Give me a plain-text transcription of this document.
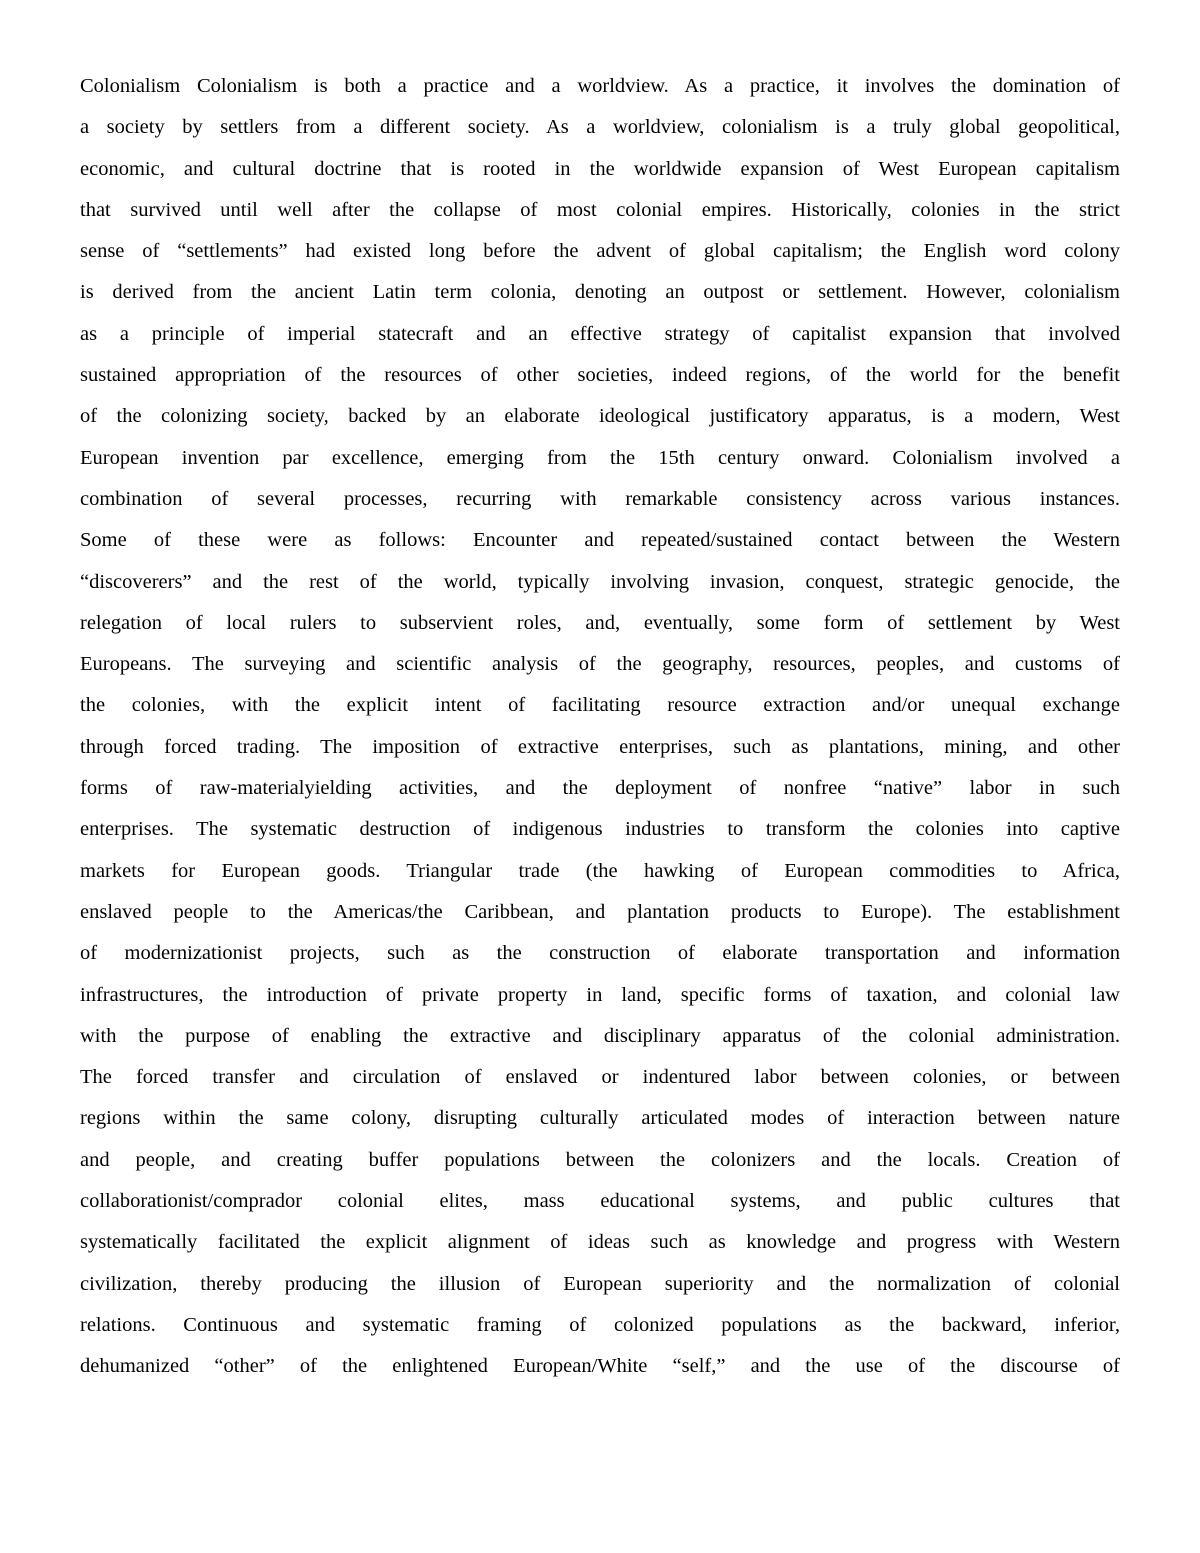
Colonialism Colonialism is both a practice and a worldview. As a practice, it involves the domination of
a society by settlers from a different society. As a worldview, colonialism is a truly global geopolitical,
economic, and cultural doctrine that is rooted in the worldwide expansion of West European capitalism
that survived until well after the collapse of most colonial empires. Historically, colonies in the strict
sense of “settlements” had existed long before the advent of global capitalism; the English word colony
is derived from the ancient Latin term colonia, denoting an outpost or settlement. However, colonialism
as a principle of imperial statecraft and an effective strategy of capitalist expansion that involved
sustained appropriation of the resources of other societies, indeed regions, of the world for the benefit
of the colonizing society, backed by an elaborate ideological justificatory apparatus, is a modern, West
European invention par excellence, emerging from the 15th century onward. Colonialism involved a
combination of several processes, recurring with remarkable consistency across various instances.
Some of these were as follows: Encounter and repeated/sustained contact between the Western
“discoverers” and the rest of the world, typically involving invasion, conquest, strategic genocide, the
relegation of local rulers to subservient roles, and, eventually, some form of settlement by West
Europeans. The surveying and scientific analysis of the geography, resources, peoples, and customs of
the colonies, with the explicit intent of facilitating resource extraction and/or unequal exchange
through forced trading. The imposition of extractive enterprises, such as plantations, mining, and other
forms of raw-materialyielding activities, and the deployment of nonfree “native” labor in such
enterprises. The systematic destruction of indigenous industries to transform the colonies into captive
markets for European goods. Triangular trade (the hawking of European commodities to Africa,
enslaved people to the Americas/the Caribbean, and plantation products to Europe). The establishment
of modernizationist projects, such as the construction of elaborate transportation and information
infrastructures, the introduction of private property in land, specific forms of taxation, and colonial law
with the purpose of enabling the extractive and disciplinary apparatus of the colonial administration.
The forced transfer and circulation of enslaved or indentured labor between colonies, or between
regions within the same colony, disrupting culturally articulated modes of interaction between nature
and people, and creating buffer populations between the colonizers and the locals. Creation of
collaborationist/comprador colonial elites, mass educational systems, and public cultures that
systematically facilitated the explicit alignment of ideas such as knowledge and progress with Western
civilization, thereby producing the illusion of European superiority and the normalization of colonial
relations. Continuous and systematic framing of colonized populations as the backward, inferior,
dehumanized “other” of the enlightened European/White “self,” and the use of the discourse of
